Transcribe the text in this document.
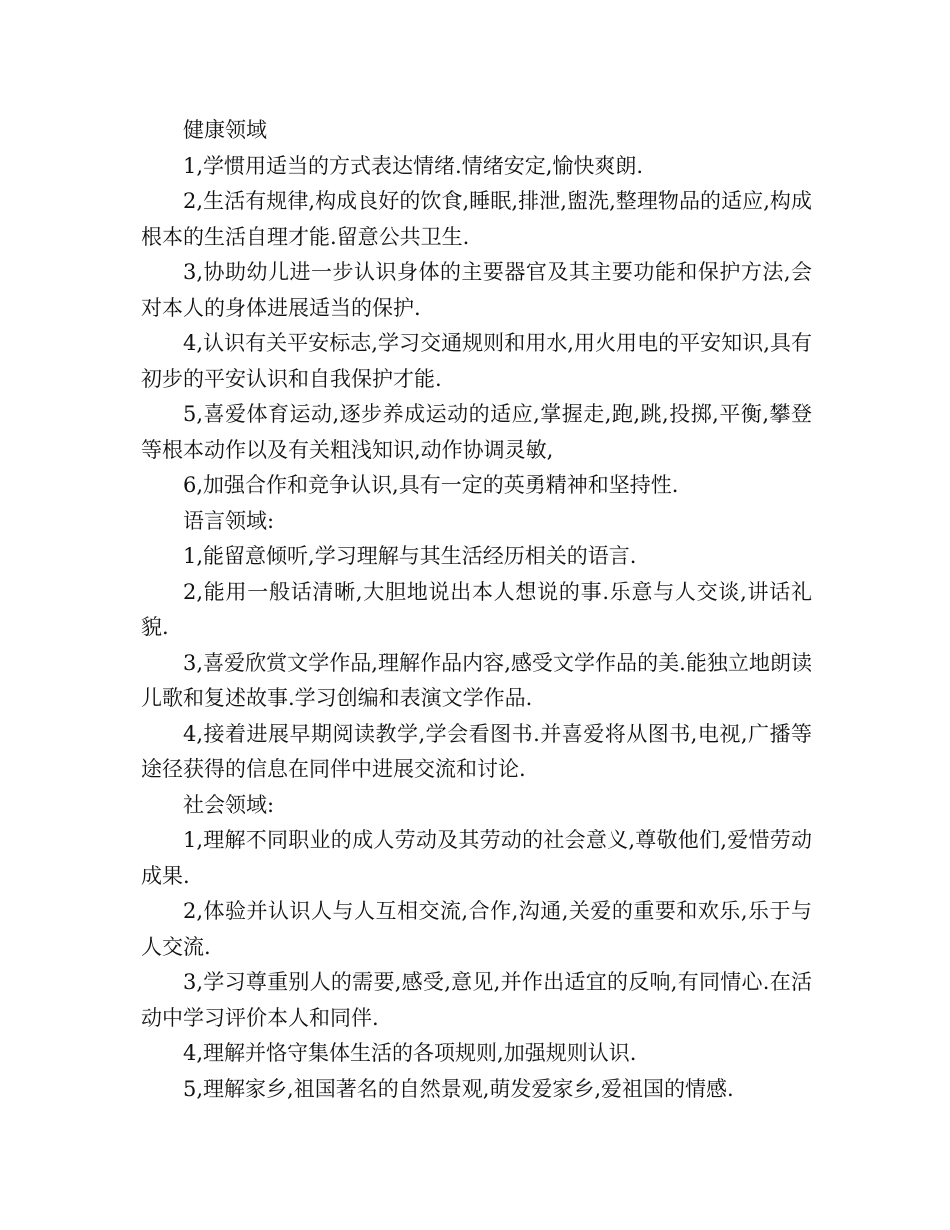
健康领域

1,学惯用适当的方式表达情绪.情绪安定,愉快爽朗.

2,生活有规律,构成良好的饮食,睡眠,排泄,盥洗,整理物品的适应,构成根本的生活自理才能.留意公共卫生.

3,协助幼儿进一步认识身体的主要器官及其主要功能和保护方法,会对本人的身体进展适当的保护.

4,认识有关平安标志,学习交通规则和用水,用火用电的平安知识,具有初步的平安认识和自我保护才能.

5,喜爱体育运动,逐步养成运动的适应,掌握走,跑,跳,投掷,平衡,攀登等根本动作以及有关粗浅知识,动作协调灵敏,

6,加强合作和竞争认识,具有一定的英勇精神和坚持性.

语言领域:

1,能留意倾听,学习理解与其生活经历相关的语言.

2,能用一般话清晰,大胆地说出本人想说的事.乐意与人交谈,讲话礼貌.

3,喜爱欣赏文学作品,理解作品内容,感受文学作品的美.能独立地朗读儿歌和复述故事.学习创编和表演文学作品.

4,接着进展早期阅读教学,学会看图书.并喜爱将从图书,电视,广播等途径获得的信息在同伴中进展交流和讨论.

社会领域:

1,理解不同职业的成人劳动及其劳动的社会意义,尊敬他们,爱惜劳动成果.

2,体验并认识人与人互相交流,合作,沟通,关爱的重要和欢乐,乐于与人交流.

3,学习尊重别人的需要,感受,意见,并作出适宜的反响,有同情心.在活动中学习评价本人和同伴.

4,理解并恪守集体生活的各项规则,加强规则认识.

5,理解家乡,祖国著名的自然景观,萌发爱家乡,爱祖国的情感.
